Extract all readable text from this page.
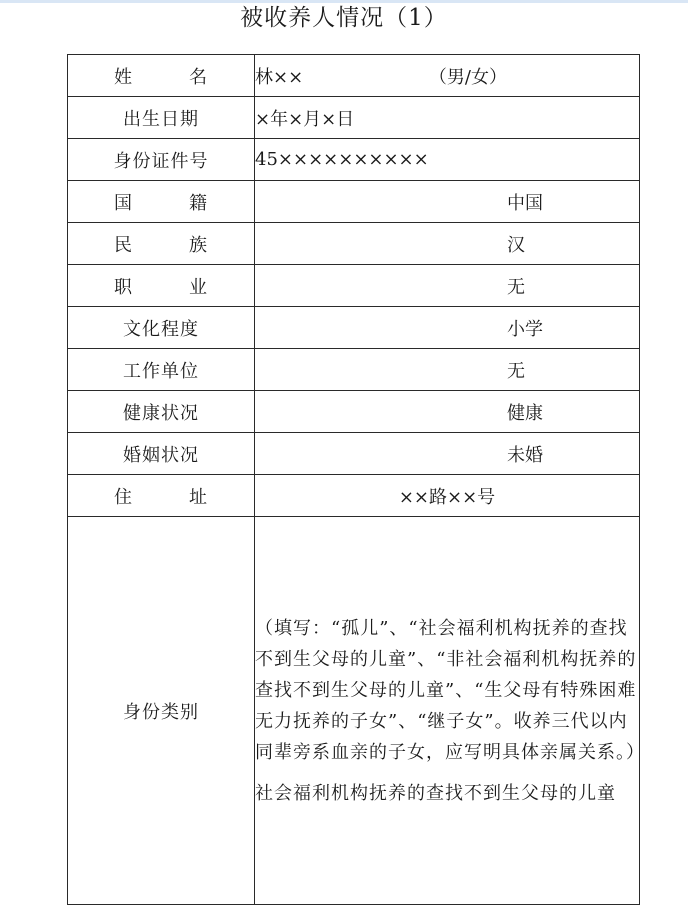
被收养人情况（1）
姓 名	林×× （男/女）
出生日期	×年×月×日
身份证件号	45××××××××××
国 籍	中国
民 族	汉
职 业	无
文化程度	小学
工作单位	无
健康状况	健康
婚姻状况	未婚
住 址	××路××号
身份类别	（填写：“孤儿”、“社会福利机构抚养的查找不到生父母的儿童”、“非社会福利机构抚养的查找不到生父母的儿童”、“生父母有特殊困难无力抚养的子女”、“继子女”。收养三代以内同辈旁系血亲的子女，应写明具体亲属关系。）
社会福利机构抚养的查找不到生父母的儿童
